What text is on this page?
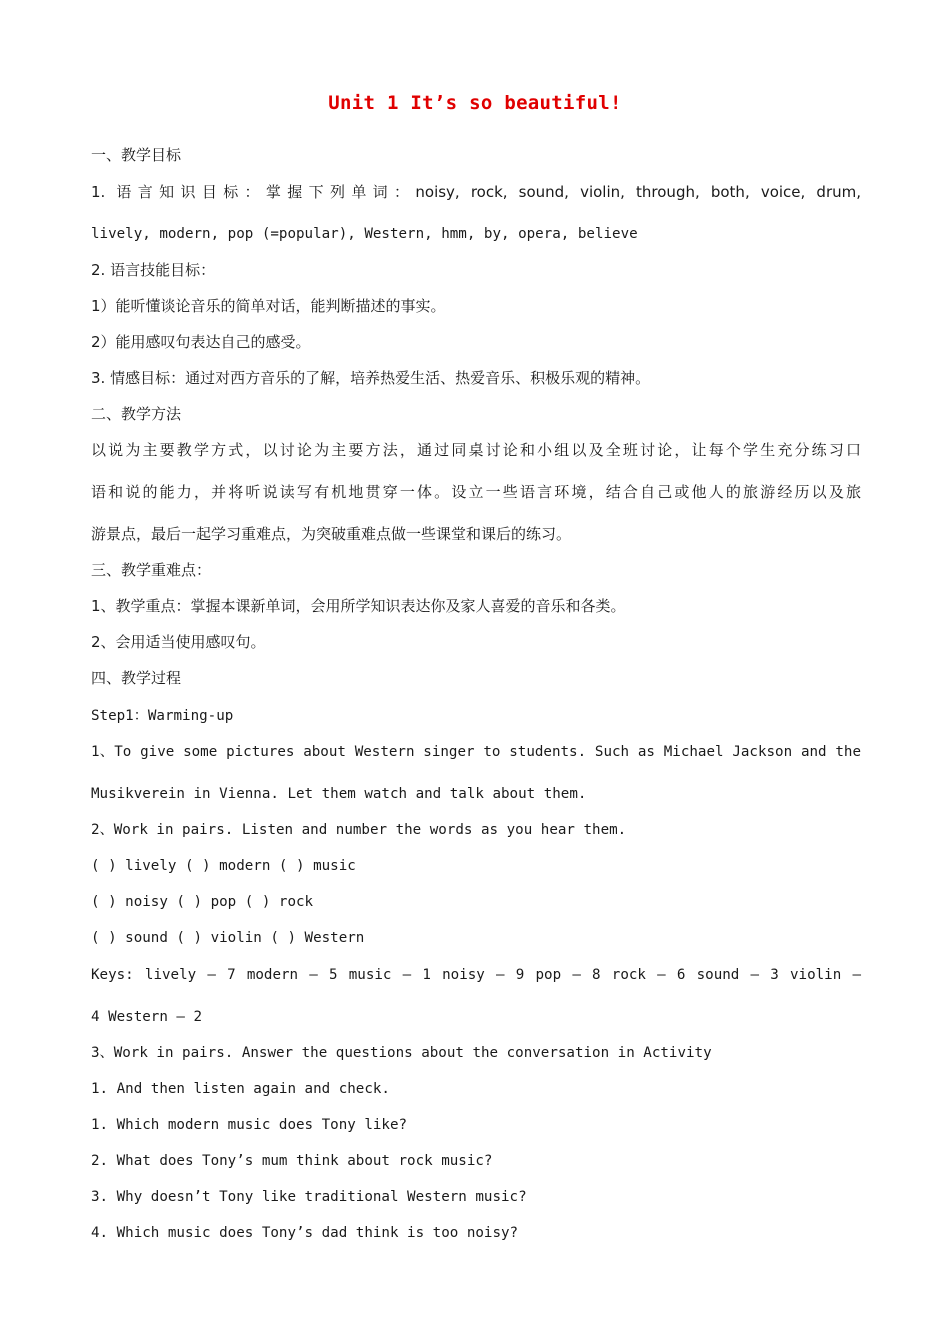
Unit 1 It’s so beautiful!
一、教学目标
1. 语言知识目标：掌握下列单词：noisy, rock, sound, violin, through, both, voice, drum,
lively, modern, pop (=popular), Western, hmm, by, opera, believe
2. 语言技能目标：
1）能听懂谈论音乐的简单对话，能判断描述的事实。
2）能用感叹句表达自己的感受。
3. 情感目标：通过对西方音乐的了解，培养热爱生活、热爱音乐、积极乐观的精神。
二、教学方法
以说为主要教学方式，以讨论为主要方法，通过同桌讨论和小组以及全班讨论，让每个学生充分练习口
语和说的能力，并将听说读写有机地贯穿一体。设立一些语言环境，结合自己或他人的旅游经历以及旅
游景点，最后一起学习重难点，为突破重难点做一些课堂和课后的练习。
三、教学重难点：
1、教学重点：掌握本课新单词，会用所学知识表达你及家人喜爱的音乐和各类。
2、会用适当使用感叹句。
四、教学过程
Step1：Warming-up
1、To give some pictures about Western singer to students. Such as Michael Jackson and the
Musikverein in Vienna. Let them watch and talk about them.
2、Work in pairs. Listen and number the words as you hear them.
( ) lively ( ) modern ( ) music
( ) noisy ( ) pop ( ) rock
( ) sound ( ) violin ( ) Western
Keys: lively – 7 modern – 5 music – 1 noisy – 9 pop – 8 rock – 6 sound – 3 violin –
4 Western – 2
3、Work in pairs. Answer the questions about the conversation in Activity
1. And then listen again and check.
1. Which modern music does Tony like?
2. What does Tony’s mum think about rock music?
3. Why doesn’t Tony like traditional Western music?
4. Which music does Tony’s dad think is too noisy?
